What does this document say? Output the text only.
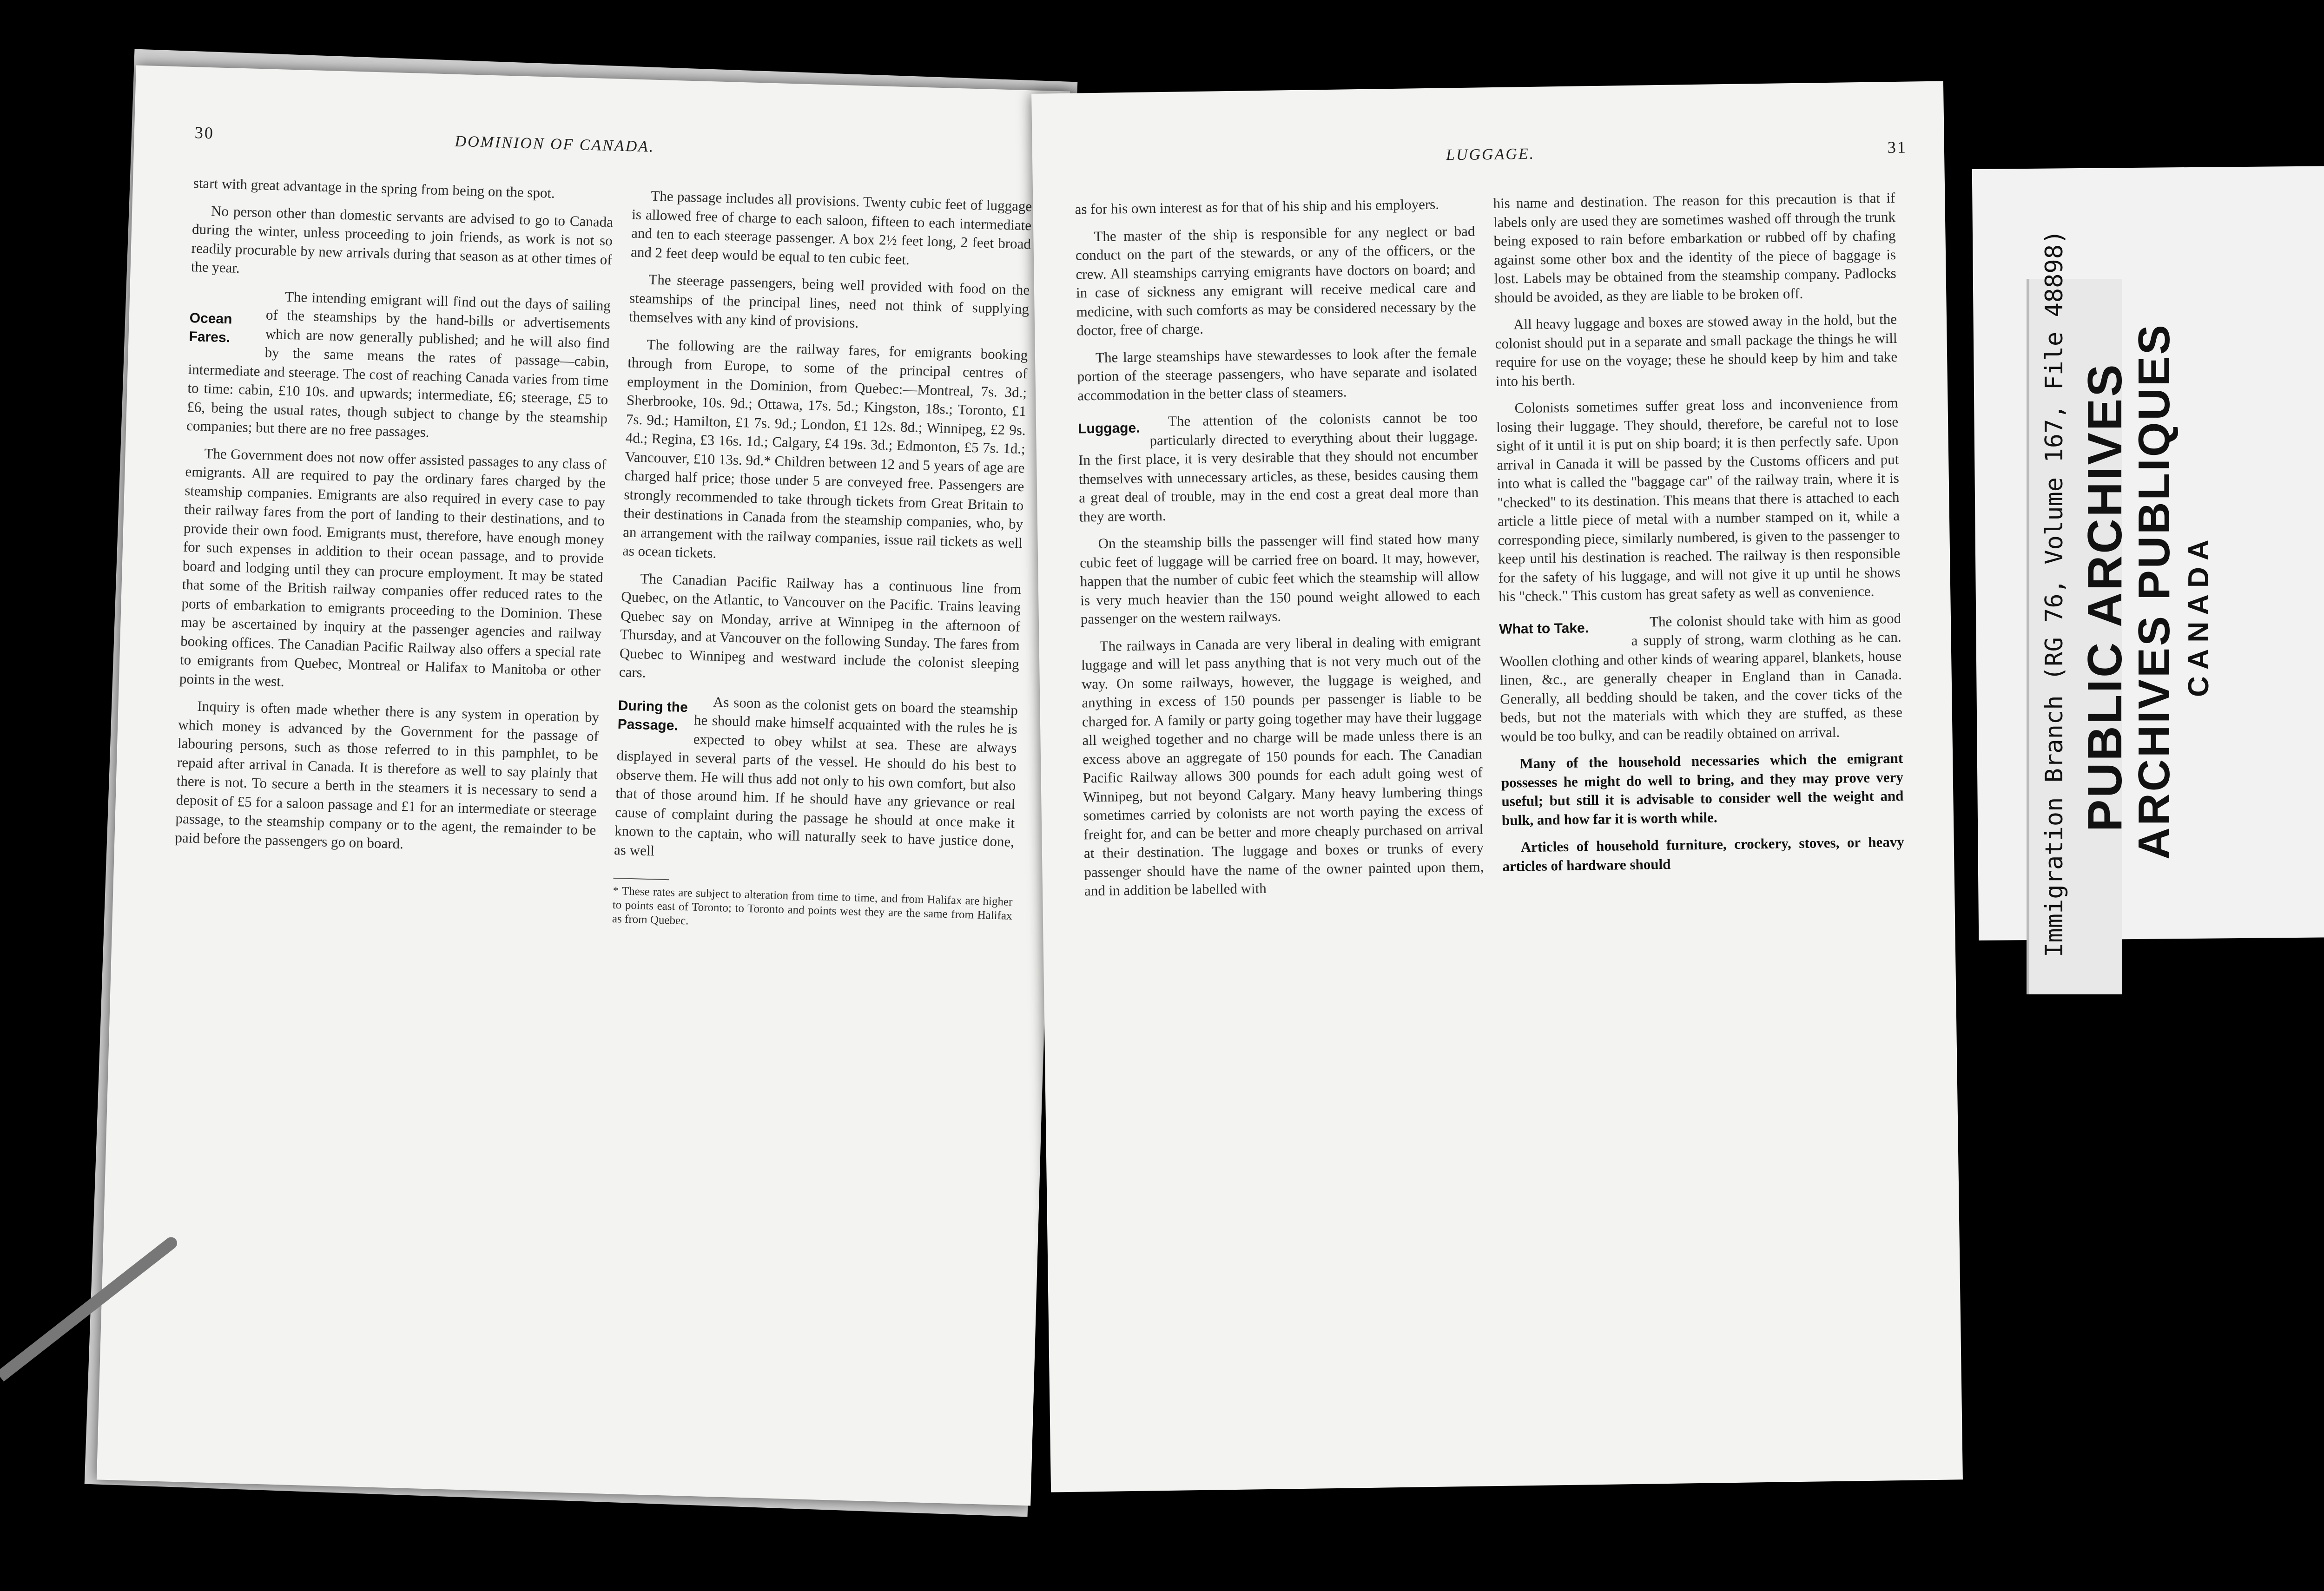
30
DOMINION OF CANADA.

start with great advantage in the spring from being on the spot.

No person other than domestic servants are advised to go to Canada during the winter, unless proceeding to join friends, as work is not so readily procurable by new arrivals during that season as at other times of the year.

Ocean Fares.

The intending emigrant will find out the days of sailing of the steamships by the hand-bills or advertisements which are now generally published; and he will also find by the same means the rates of passage—cabin, intermediate and steerage. The cost of reaching Canada varies from time to time: cabin, £10 10s. and upwards; intermediate, £6; steerage, £5 to £6, being the usual rates, though subject to change by the steamship companies; but there are no free passages.

The Government does not now offer assisted passages to any class of emigrants. All are required to pay the ordinary fares charged by the steamship companies. Emigrants are also required in every case to pay their railway fares from the port of landing to their destinations, and to provide their own food. Emigrants must, therefore, have enough money for such expenses in addition to their ocean passage, and to provide board and lodging until they can procure employment. It may be stated that some of the British railway companies offer reduced rates to the ports of embarkation to emigrants proceeding to the Dominion. These may be ascertained by inquiry at the passenger agencies and railway booking offices. The Canadian Pacific Railway also offers a special rate to emigrants from Quebec, Montreal or Halifax to Manitoba or other points in the west.

Inquiry is often made whether there is any system in operation by which money is advanced by the Government for the passage of labouring persons, such as those referred to in this pamphlet, to be repaid after arrival in Canada. It is therefore as well to say plainly that there is not. To secure a berth in the steamers it is necessary to send a deposit of £5 for a saloon passage and £1 for an intermediate or steerage passage, to the steamship company or to the agent, the remainder to be paid before the passengers go on board.

The passage includes all provisions. Twenty cubic feet of luggage is allowed free of charge to each saloon, fifteen to each intermediate and ten to each steerage passenger. A box 2½ feet long, 2 feet broad and 2 feet deep would be equal to ten cubic feet.

The steerage passengers, being well provided with food on the steamships of the principal lines, need not think of supplying themselves with any kind of provisions.

The following are the railway fares, for emigrants booking through from Europe, to some of the principal centres of employment in the Dominion, from Quebec:—Montreal, 7s. 3d.; Sherbrooke, 10s. 9d.; Ottawa, 17s. 5d.; Kingston, 18s.; Toronto, £1 7s. 9d.; Hamilton, £1 7s. 9d.; London, £1 12s. 8d.; Winnipeg, £2 9s. 4d.; Regina, £3 16s. 1d.; Calgary, £4 19s. 3d.; Edmonton, £5 7s. 1d.; Vancouver, £10 13s. 9d.* Children between 12 and 5 years of age are charged half price; those under 5 are conveyed free. Passengers are strongly recommended to take through tickets from Great Britain to their destinations in Canada from the steamship companies, who, by an arrangement with the railway companies, issue rail tickets as well as ocean tickets.

The Canadian Pacific Railway has a continuous line from Quebec, on the Atlantic, to Vancouver on the Pacific. Trains leaving Quebec say on Monday, arrive at Winnipeg in the afternoon of Thursday, and at Vancouver on the following Sunday. The fares from Quebec to Winnipeg and westward include the colonist sleeping cars.

During the Passage.

As soon as the colonist gets on board the steamship he should make himself acquainted with the rules he is expected to obey whilst at sea. These are always displayed in several parts of the vessel. He should do his best to observe them. He will thus add not only to his own comfort, but also that of those around him. If he should have any grievance or real cause of complaint during the passage he should at once make it known to the captain, who will naturally seek to have justice done, as well

* These rates are subject to alteration from time to time, and from Halifax are higher to points east of Toronto; to Toronto and points west they are the same from Halifax as from Quebec.
LUGGAGE.	31

as for his own interest as for that of his ship and his employers.

The master of the ship is responsible for any neglect or bad conduct on the part of the stewards, or any of the officers, or the crew. All steamships carrying emigrants have doctors on board; and in case of sickness any emigrant will receive medical care and medicine, with such comforts as may be considered necessary by the doctor, free of charge.

The large steamships have stewardesses to look after the female portion of the steerage passengers, who have separate and isolated accommodation in the better class of steamers.

Luggage.	The attention of the colonists cannot be too particularly directed to everything about their luggage. In the first place, it is very desirable that they should not encumber themselves with unnecessary articles, as these, besides causing them a great deal of trouble, may in the end cost a great deal more than they are worth.

On the steamship bills the passenger will find stated how many cubic feet of luggage will be carried free on board. It may, however, happen that the number of cubic feet which the steamship will allow is very much heavier than the 150 pound weight allowed to each passenger on the western railways.

The railways in Canada are very liberal in dealing with emigrant luggage and will let pass anything that is not very much out of the way. On some railways, however, the luggage is weighed, and anything in excess of 150 pounds per passenger is liable to be charged for. A family or party going together may have their luggage all weighed together and no charge will be made unless there is an excess above an aggregate of 150 pounds for each. The Canadian Pacific Railway allows 300 pounds for each adult going west of Winnipeg, but not beyond Calgary. Many heavy lumbering things sometimes carried by colonists are not worth paying the excess of freight for, and can be better and more cheaply purchased on arrival at their destination. The luggage and boxes or trunks of every passenger should have the name of the owner painted upon them, and in addition be labelled with

his name and destination. The reason for this precaution is that if labels only are used they are sometimes washed off through the trunk being exposed to rain before embarkation or rubbed off by chafing against some other box and the identity of the piece of baggage is lost. Labels may be obtained from the steamship company. Padlocks should be avoided, as they are liable to be broken off.

All heavy luggage and boxes are stowed away in the hold, but the colonist should put in a separate and small package the things he will require for use on the voyage; these he should keep by him and take into his berth.

Colonists sometimes suffer great loss and inconvenience from losing their luggage. They should, therefore, be careful not to lose sight of it until it is put on ship board; it is then perfectly safe. Upon arrival in Canada it will be passed by the Customs officers and put into what is called the "baggage car" of the railway train, where it is "checked" to its destination. This means that there is attached to each article a little piece of metal with a number stamped on it, while a corresponding piece, similarly numbered, is given to the passenger to keep until his destination is reached. The railway is then responsible for the safety of his luggage, and will not give it up until he shows his "check." This custom has great safety as well as convenience.

What to Take.	The colonist should take with him as good a supply of strong, warm clothing as he can. Woollen clothing and other kinds of wearing apparel, blankets, house linen, &c., are generally cheaper in England than in Canada. Generally, all bedding should be taken, and the cover ticks of the beds, but not the materials with which they are stuffed, as these would be too bulky, and can be readily obtained on arrival.

Many of the household necessaries which the emigrant possesses he might do well to bring, and they may prove very useful; but still it is advisable to consider well the weight and bulk, and how far it is worth while.

Articles of household furniture, crockery, stoves, or heavy articles of hardware should	Immigration Branch (RG 76, Volume 167, File 48898) PUBLIC ARCHIVES
ARCHIVES PUBLIQUES CANADA
